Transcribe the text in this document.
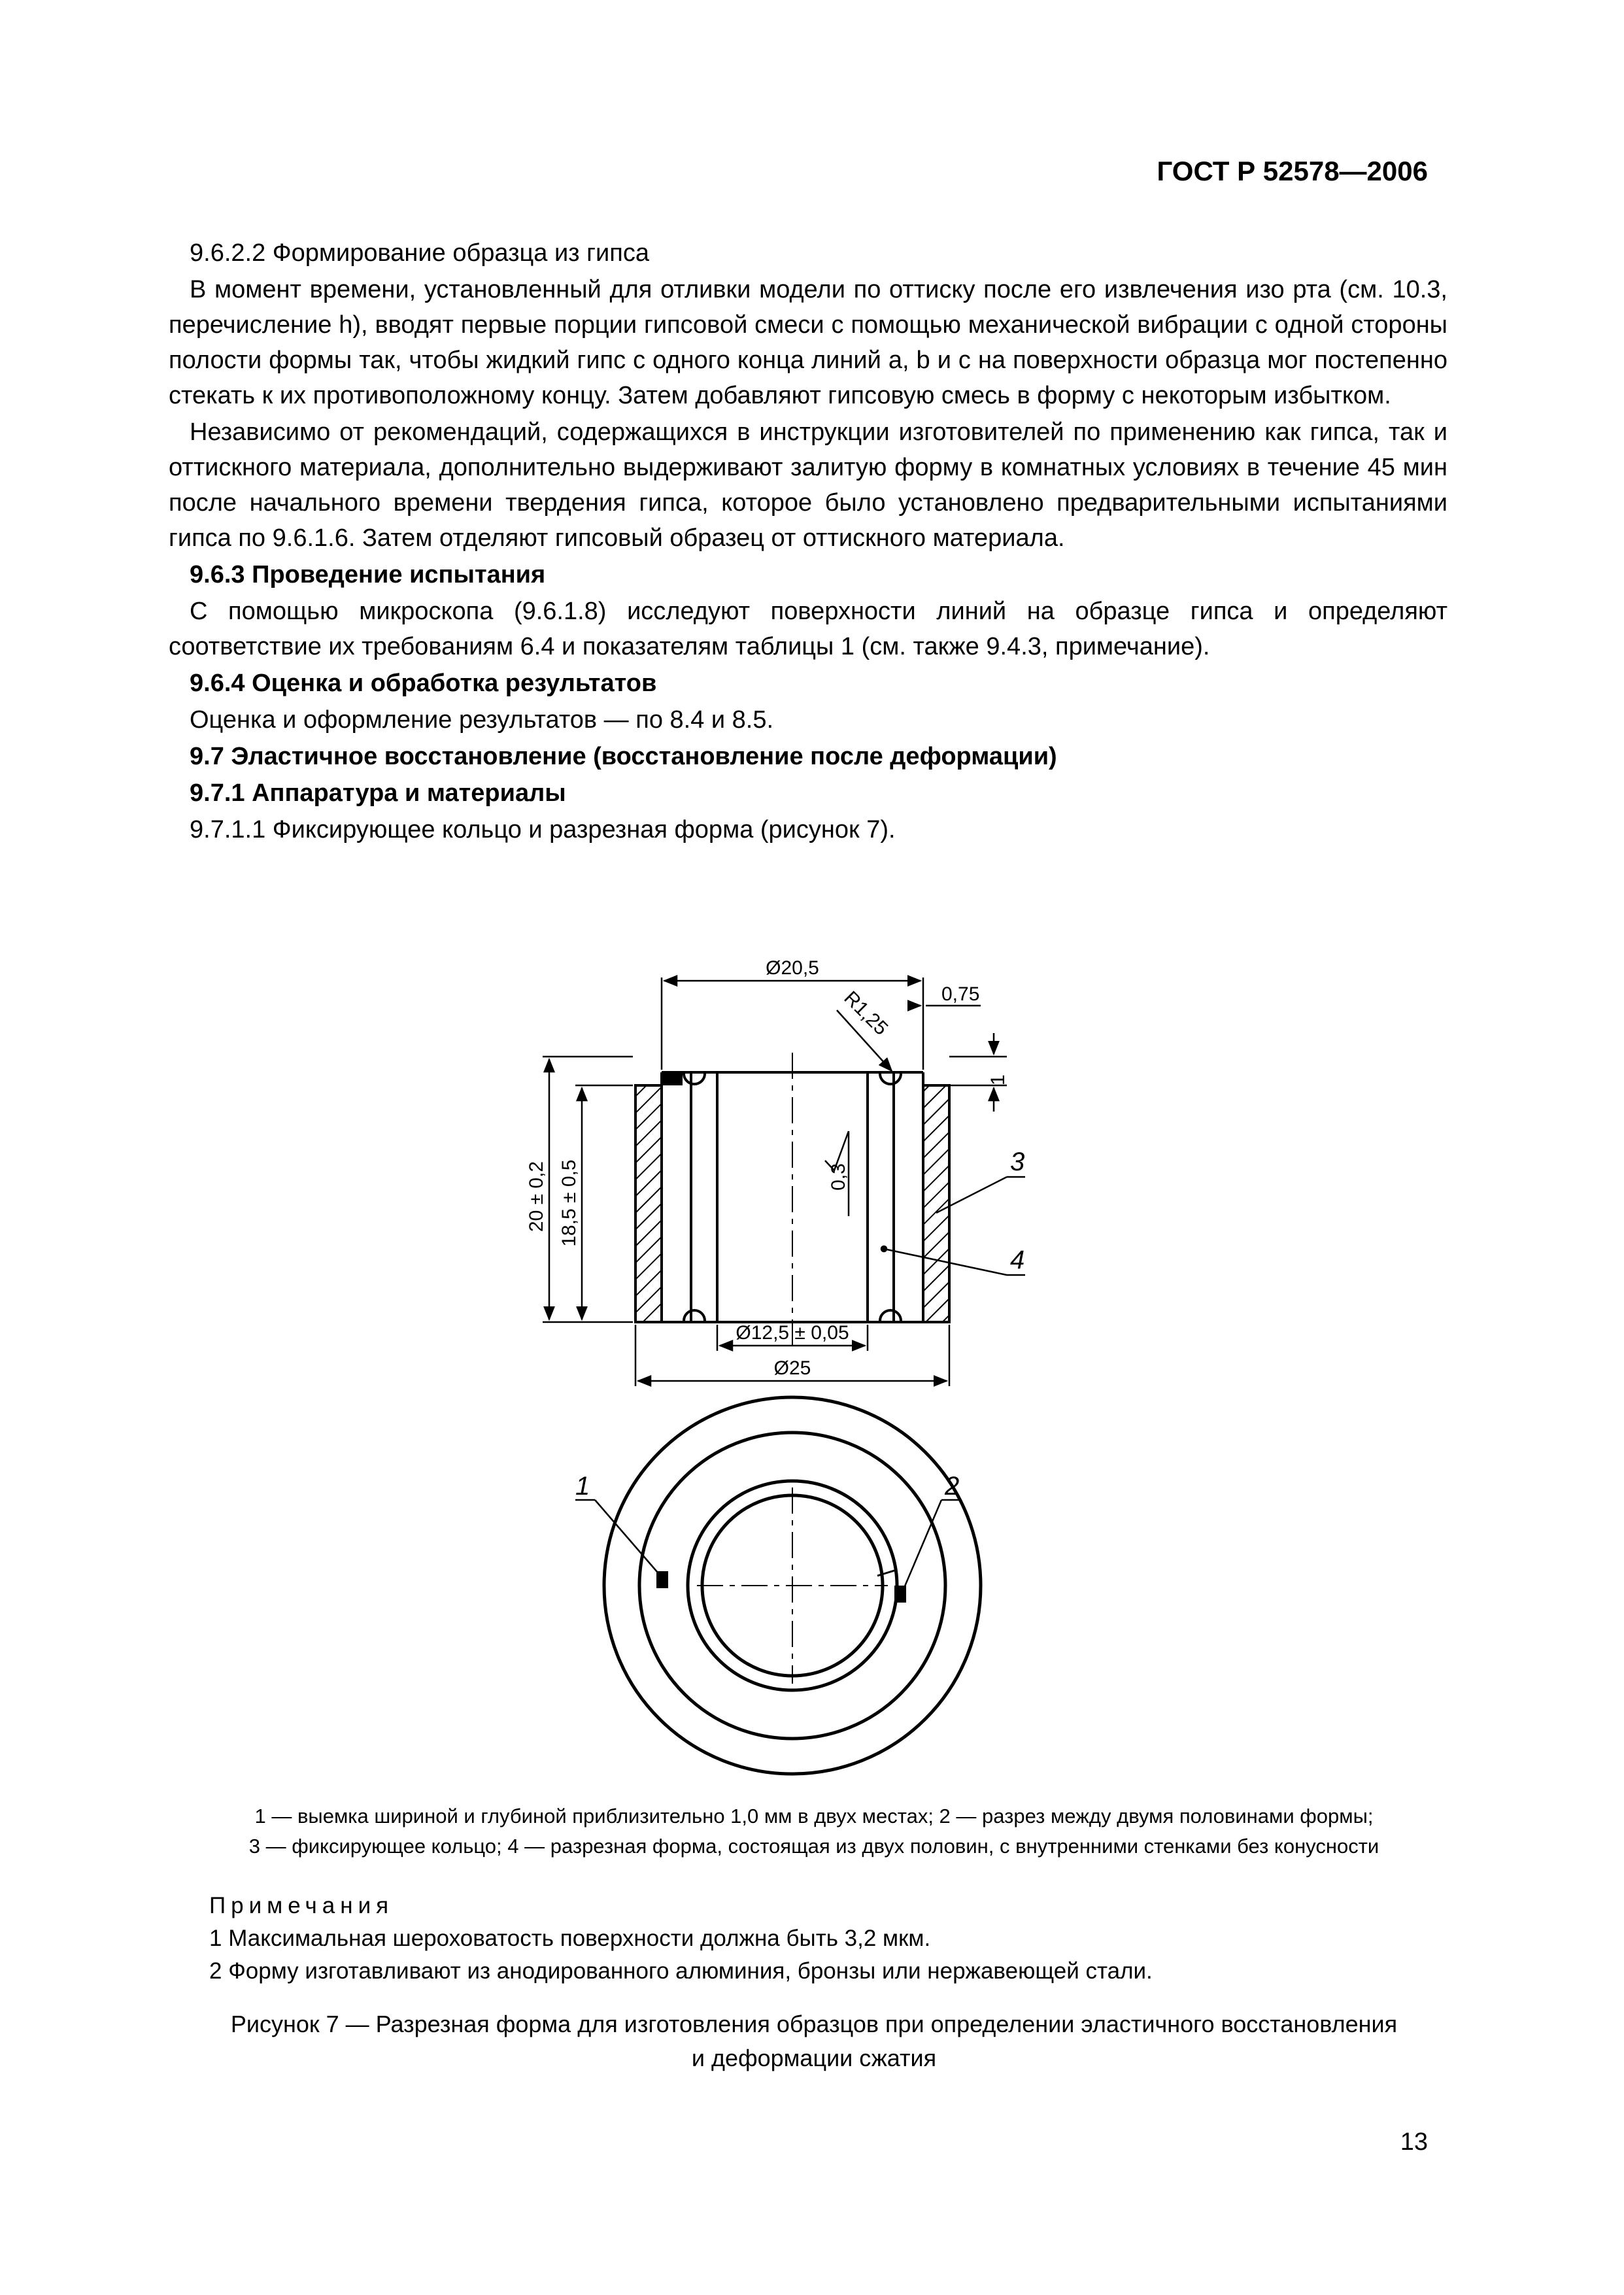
ГОСТ Р 52578—2006

9.6.2.2 Формирование образца из гипса

В момент времени, установленный для отливки модели по оттиску после его извлечения изо рта (см. 10.3, перечисление h), вводят первые порции гипсовой смеси с помощью механической вибрации с одной стороны полости формы так, чтобы жидкий гипс с одного конца линий a, b и c на поверхности образца мог постепенно стекать к их противоположному концу. Затем добавляют гипсовую смесь в форму с некоторым избытком.

Независимо от рекомендаций, содержащихся в инструкции изготовителей по применению как гипса, так и оттискного материала, дополнительно выдерживают залитую форму в комнатных условиях в течение 45 мин после начального времени твердения гипса, которое было установлено предварительными испытаниями гипса по 9.6.1.6. Затем отделяют гипсовый образец от оттискного материала.

9.6.3 Проведение испытания

С помощью микроскопа (9.6.1.8) исследуют поверхности линий на образце гипса и определяют соответствие их требованиям 6.4 и показателям таблицы 1 (см. также 9.4.3, примечание).

9.6.4 Оценка и обработка результатов

Оценка и оформление результатов — по 8.4 и 8.5.

9.7 Эластичное восстановление (восстановление после деформации)

9.7.1 Аппаратура и материалы

9.7.1.1 Фиксирующее кольцо и разрезная форма (рисунок 7).

Ø20,5
0,75
R1,25
1
20 ± 0,2 18,5 ± 0,5	0,3
Ø12,5 ± 0,05
Ø25
3
4
1	2
1 — выемка шириной и глубиной приблизительно 1,0 мм в двух местах; 2 — разрез между двумя половинами формы;
3 — фиксирующее кольцо; 4 — разрезная форма, состоящая из двух половин, с внутренними стенками без конусности
Примечания
1 Максимальная шероховатость поверхности должна быть 3,2 мкм.
2 Форму изготавливают из анодированного алюминия, бронзы или нержавеющей стали.
Рисунок 7 — Разрезная форма для изготовления образцов при определении эластичного восстановления
и деформации сжатия
13
